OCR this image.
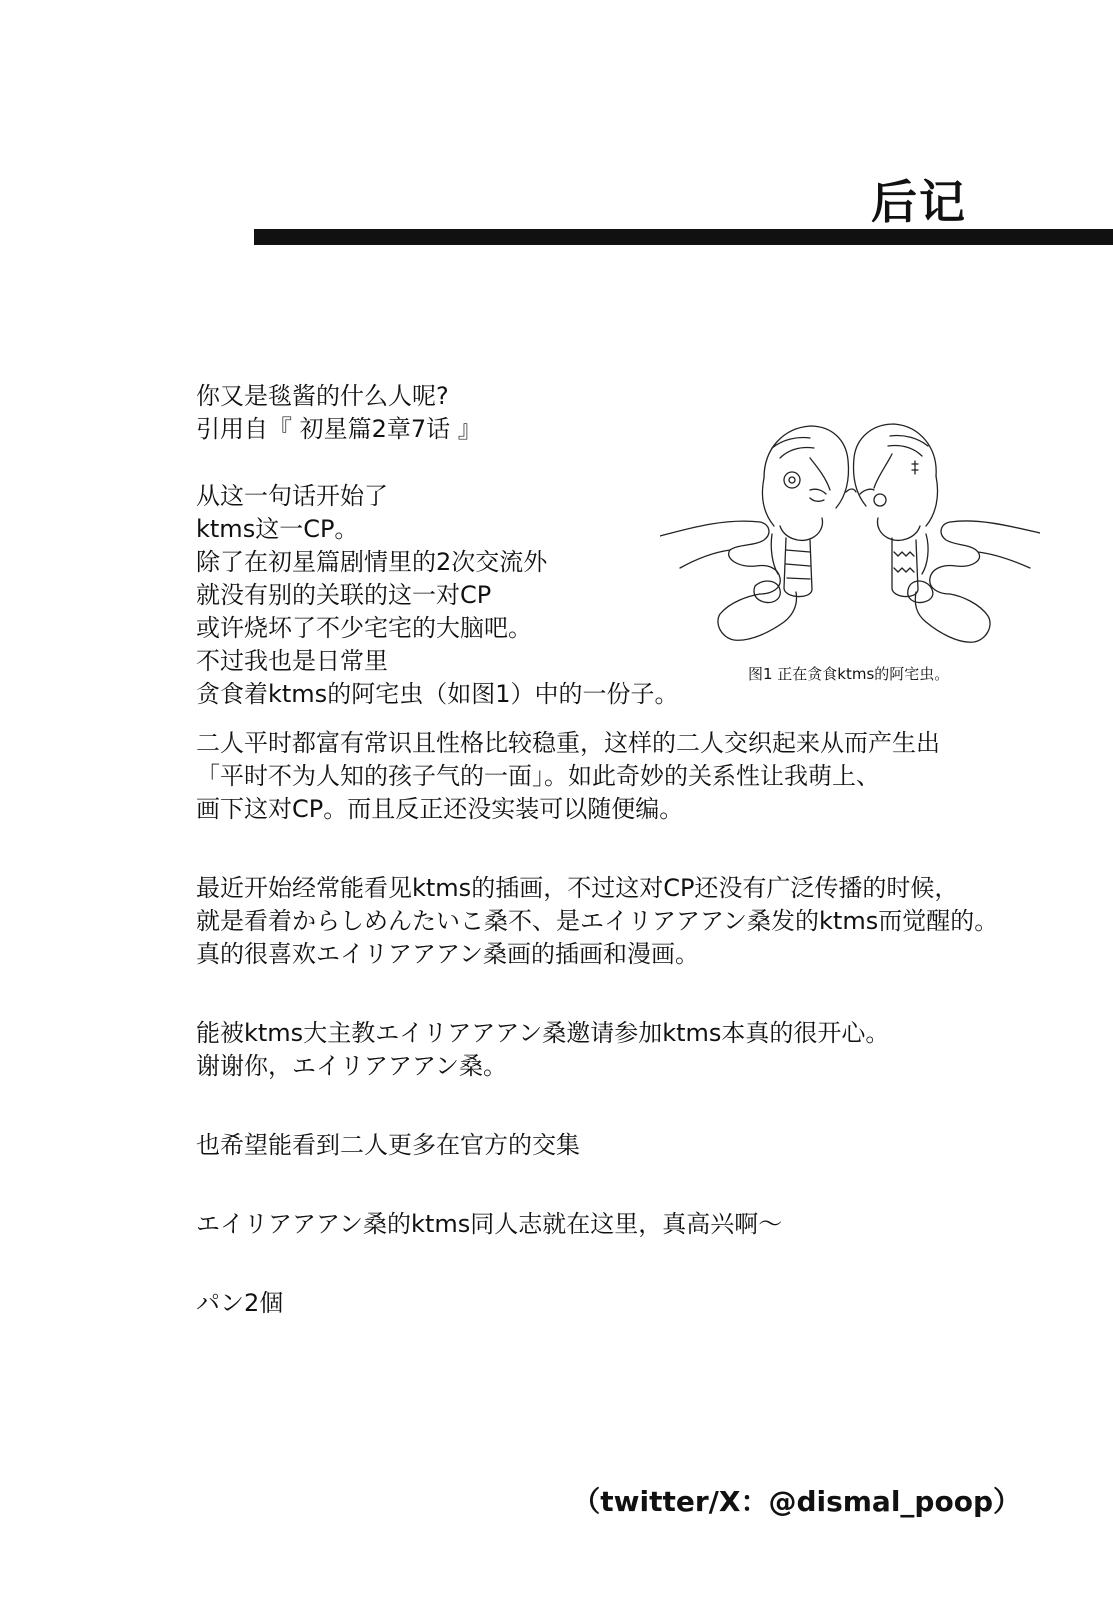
后记
你又是毯酱的什么人呢?
引用自『 初星篇2章7话 』
从这一句话开始了
ktms这一CP。
除了在初星篇剧情里的2次交流外
就没有别的关联的这一对CP
或许烧坏了不少宅宅的大脑吧。
不过我也是日常里
贪食着ktms的阿宅虫（如图1）中的一份子。
二人平时都富有常识且性格比较稳重，这样的二人交织起来从而产生出
「平时不为人知的孩子气的一面」。如此奇妙的关系性让我萌上、
画下这对CP。而且反正还没实装可以随便编。
最近开始经常能看见ktms的插画，不过这对CP还没有广泛传播的时候，
就是看着からしめんたいこ桑不、是エイリアアアン桑发的ktms而觉醒的。
真的很喜欢エイリアアアン桑画的插画和漫画。
能被ktms大主教エイリアアアン桑邀请参加ktms本真的很开心。
谢谢你，エイリアアアン桑。
也希望能看到二人更多在官方的交集
エイリアアアン桑的ktms同人志就在这里，真高兴啊～
パン2個
图1 正在贪食ktms的阿宅虫。
（twitter/X：@dismal_poop）
